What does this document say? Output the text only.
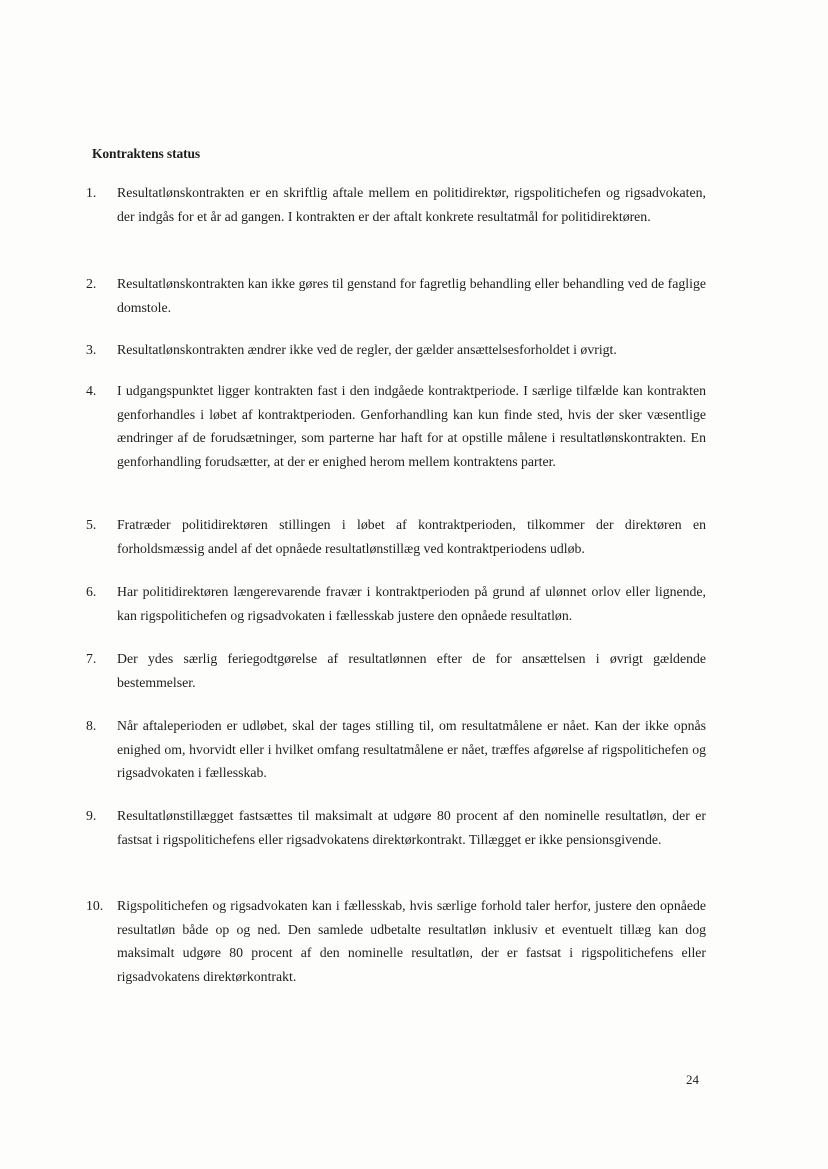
Kontraktens status
1.	Resultatlønskontrakten er en skriftlig aftale mellem en politidirektør, rigspolitichefen og rigsadvokaten, der indgås for et år ad gangen. I kontrakten er der aftalt konkrete resultatmål for politidirektøren.
2.	Resultatlønskontrakten kan ikke gøres til genstand for fagretlig behandling eller behandling ved de faglige domstole.
3.	Resultatlønskontrakten ændrer ikke ved de regler, der gælder ansættelsesforholdet i øvrigt.
4.	I udgangspunktet ligger kontrakten fast i den indgåede kontraktperiode. I særlige tilfælde kan kontrakten genforhandles i løbet af kontraktperioden. Genforhandling kan kun finde sted, hvis der sker væsentlige ændringer af de forudsætninger, som parterne har haft for at opstille målene i resultatlønskontrakten. En genforhandling forudsætter, at der er enighed herom mellem kontraktens parter.
5.	Fratræder politidirektøren stillingen i løbet af kontraktperioden, tilkommer der direktøren en forholdsmæssig andel af det opnåede resultatlønstillæg ved kontraktperiodens udløb.
6.	Har politidirektøren længerevarende fravær i kontraktperioden på grund af ulønnet orlov eller lignende, kan rigspolitichefen og rigsadvokaten i fællesskab justere den opnåede resultatløn.
7.	Der ydes særlig feriegodtgørelse af resultatlønnen efter de for ansættelsen i øvrigt gældende bestemmelser.
8.	Når aftaleperioden er udløbet, skal der tages stilling til, om resultatmålene er nået. Kan der ikke opnås enighed om, hvorvidt eller i hvilket omfang resultatmålene er nået, træffes afgørelse af rigspolitichefen og rigsadvokaten i fællesskab.
9.	Resultatlønstillægget fastsættes til maksimalt at udgøre 80 procent af den nominelle resultatløn, der er fastsat i rigspolitichefens eller rigsadvokatens direktørkontrakt. Tillægget er ikke pensionsgivende.
10. Rigspolitichefen og rigsadvokaten kan i fællesskab, hvis særlige forhold taler herfor, justere den opnåede resultatløn både op og ned. Den samlede udbetalte resultatløn inklusiv et eventuelt tillæg kan dog maksimalt udgøre 80 procent af den nominelle resultatløn, der er fastsat i rigspolitichefens eller rigsadvokatens direktørkontrakt.
24
